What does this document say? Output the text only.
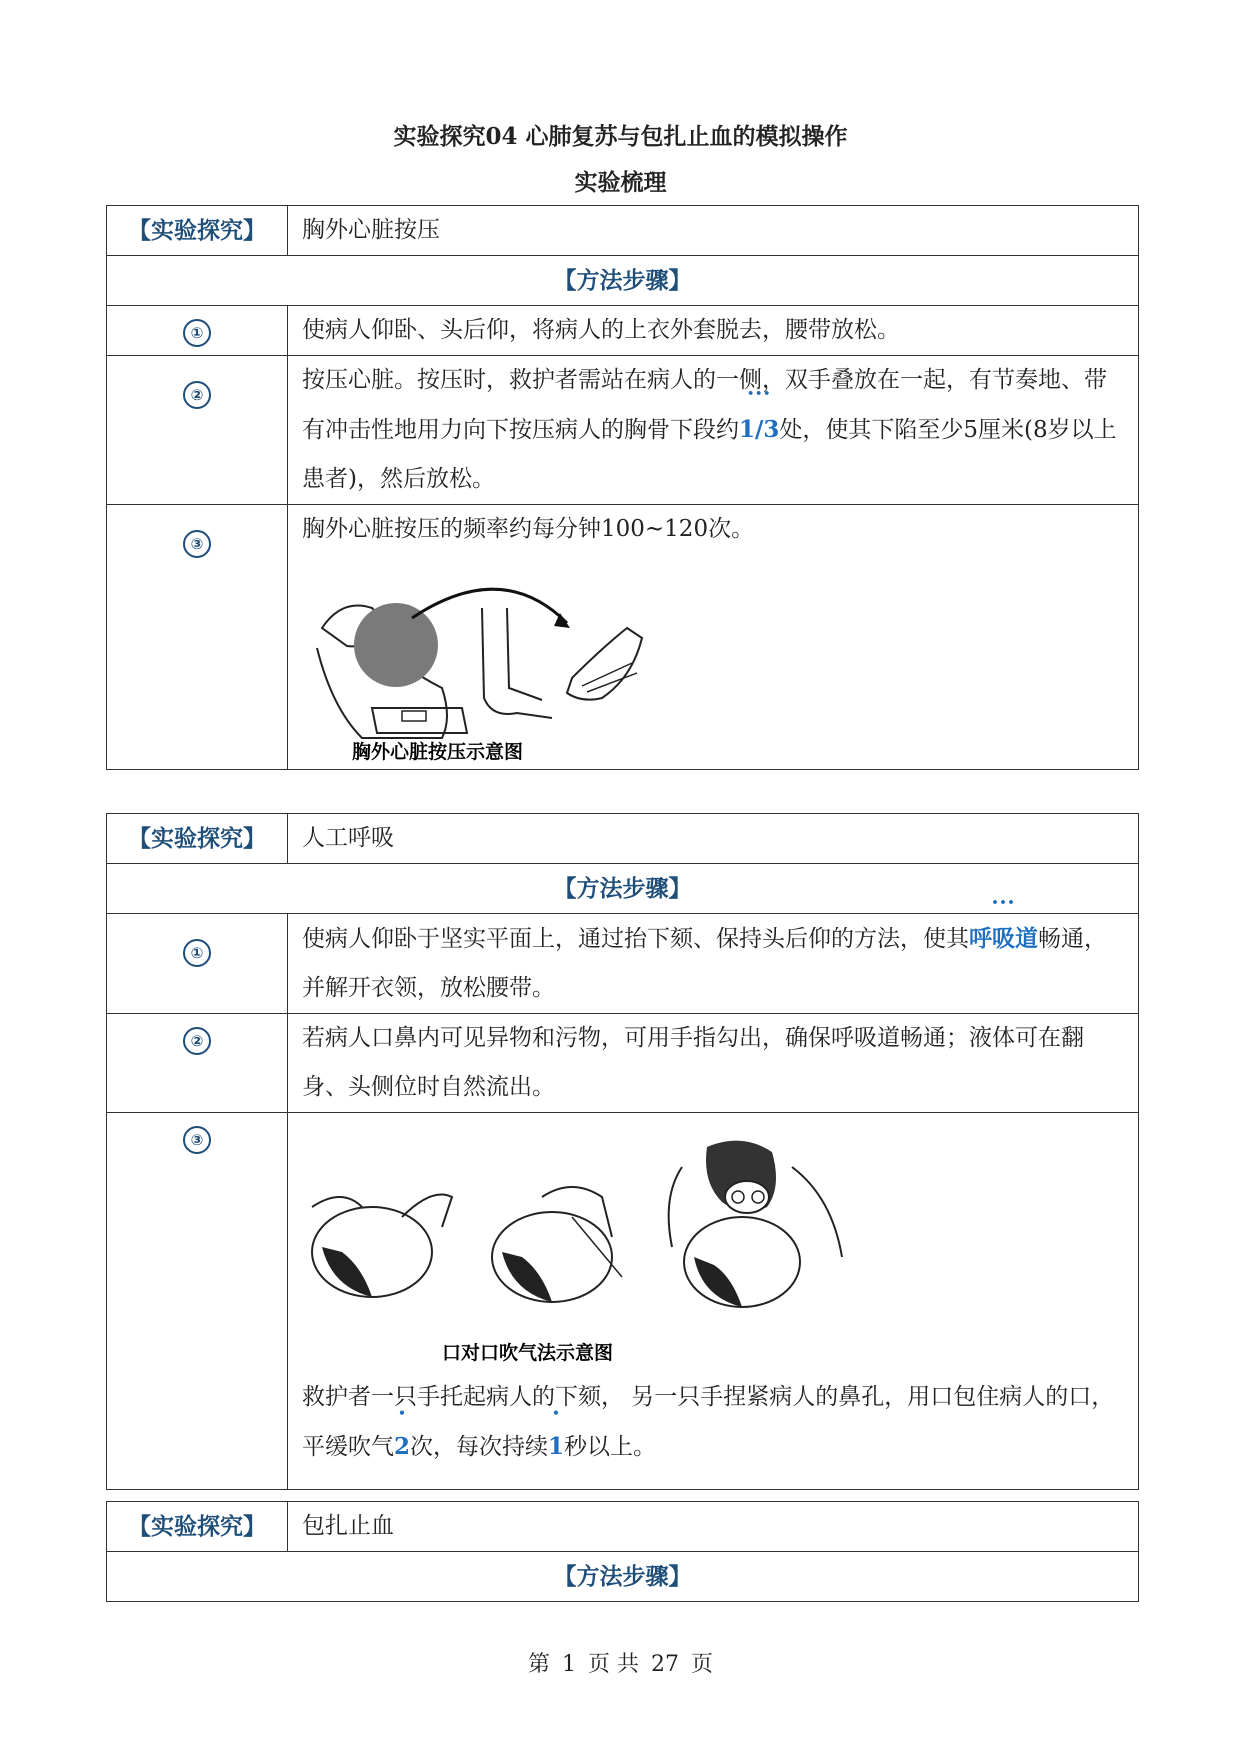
实验探究04 心肺复苏与包扎止血的模拟操作
实验梳理
【实验探究】	胸外心脏按压
【方法步骤】	
①	使病人仰卧、头后仰，将病人的上衣外套脱去，腰带放松。
②	按压心脏。按压时，救护者需站在病人的一侧，双手叠放在一起，有节奏地、带有冲击性地用力向下按压病人的胸骨下段约••• 1/3处，使其下陷至少5厘米(8岁以上患者)，然后放松。
③	胸外心脏按压的频率约每分钟100~120次。
胸外心脏按压示意图
【实验探究】	人工呼吸
【方法步骤】	
①	使病人仰卧于坚实平面上，通过抬下颏、保持头后仰的方法，使其••• 呼吸道畅通，并解开衣领，放松腰带。
②	若病人口鼻内可见异物和污物，可用手指勾出，确保呼吸道畅通；液体可在翻身、头侧位时自然流出。
③	口对口吹气法示意图
救护者一只手托起病人的下颏， 另一只手捏紧病人的鼻孔，用口包住病人的口，平缓吹气• 2次，每次持续• 1秒以上。
【实验探究】	包扎止血
【方法步骤】
第 1 页 共 27 页
